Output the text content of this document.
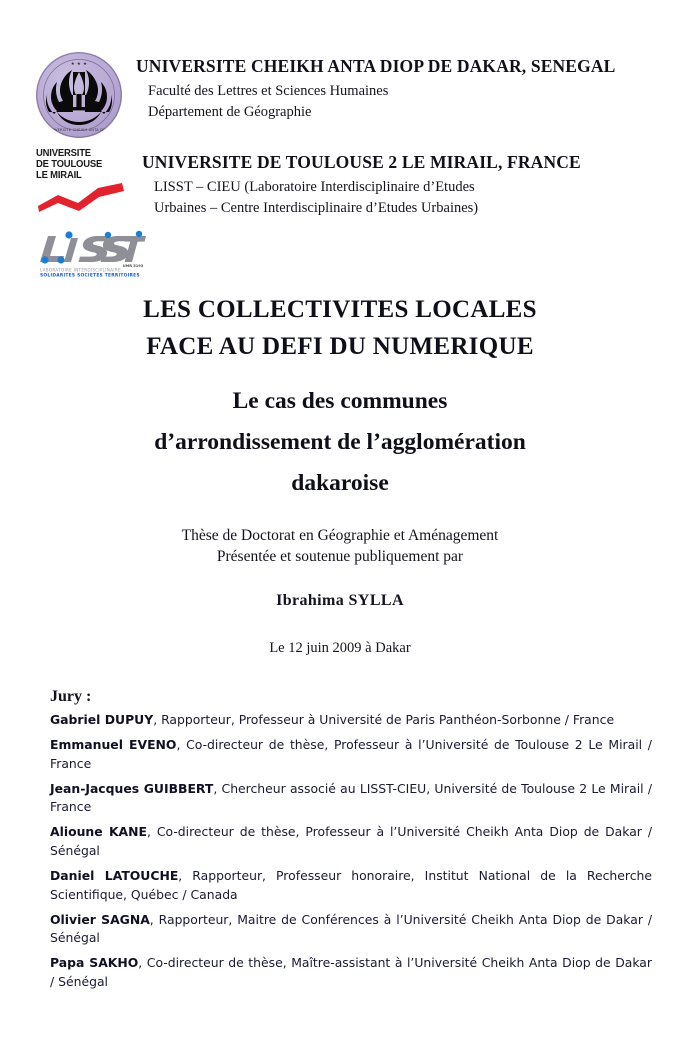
★ ★ ★
UNIVERSITE CHEIKH ANTA DIOP
UNIVERSITE CHEIKH ANTA DIOP DE DAKAR, SENEGAL
Faculté des Lettres et Sciences Humaines
Département de Géographie
UNIVERSITE
DE TOULOUSE
LE MIRAIL
UNIVERSITE DE TOULOUSE 2 LE MIRAIL, FRANCE
LISST – CIEU (Laboratoire Interdisciplinaire d’Etudes
Urbaines – Centre Interdisciplinaire d’Etudes Urbaines)
UMR 5193
LABORATOIRE INTERDISCIPLINAIRE
SOLIDARITES SOCIETES TERRITOIRES
LES COLLECTIVITES LOCALES
FACE AU DEFI DU NUMERIQUE
Le cas des communes
d’arrondissement de l’agglomération
dakaroise
Thèse de Doctorat en Géographie et Aménagement
Présentée et soutenue publiquement par
Ibrahima SYLLA
Le 12 juin 2009 à Dakar
Jury :
Gabriel DUPUY, Rapporteur, Professeur à Université de Paris Panthéon-Sorbonne / France
Emmanuel EVENO, Co-directeur de thèse, Professeur à l’Université de Toulouse 2 Le Mirail / France
Jean-Jacques GUIBBERT, Chercheur associé au LISST-CIEU, Université de Toulouse 2 Le Mirail / France
Alioune KANE, Co-directeur de thèse, Professeur à l’Université Cheikh Anta Diop de Dakar / Sénégal
Daniel LATOUCHE, Rapporteur, Professeur honoraire, Institut National de la Recherche Scientifique, Québec / Canada
Olivier SAGNA, Rapporteur, Maitre de Conférences à l’Université Cheikh Anta Diop de Dakar / Sénégal
Papa SAKHO, Co-directeur de thèse, Maître-assistant à l’Université Cheikh Anta Diop de Dakar / Sénégal
